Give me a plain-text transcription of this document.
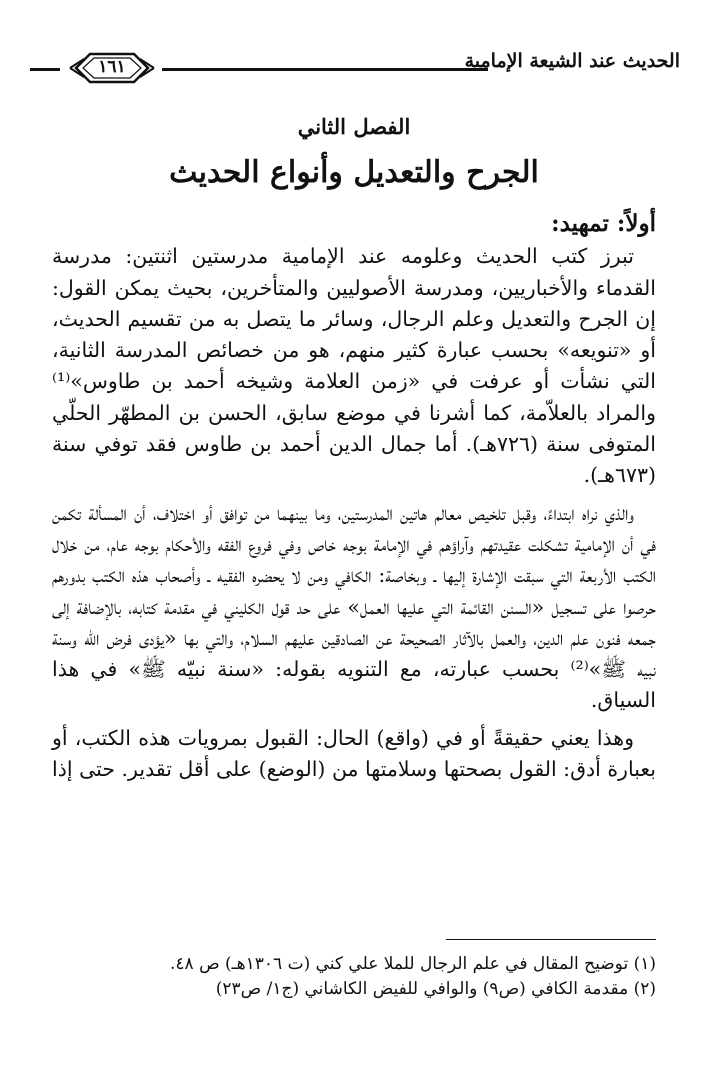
الحديث عند الشيعة الإمامية
١٦١
الفصل الثاني
الجرح والتعديل وأنواع الحديث
أولاً: تمهيد:

تبرز كتب الحديث وعلومه عند الإمامية مدرستين اثنتين: مدرسة القدماء والأخباريين، ومدرسة الأصوليين والمتأخرين، بحيث يمكن القول: إن الجرح والتعديل وعلم الرجال، وسائر ما يتصل به من تقسيم الحديث، أو «تنويعه» بحسب عبارة كثير منهم، هو من خصائص المدرسة الثانية، التي نشأت أو عرفت في «زمن العلامة وشيخه أحمد بن طاوس»⁽¹⁾ والمراد بالعلاّمة، كما أشرنا في موضع سابق، الحسن بن المطهّر الحلّي المتوفى سنة (٧٢٦هـ). أما جمال الدين أحمد بن طاوس فقد توفي سنة (٦٧٣هـ).

والذي نراه ابتداءً، وقبل تلخيص معالم هاتين المدرستين، وما بينهما من توافق أو اختلاف، أن المسألة تكمن في أن الإمامية تشكلت عقيدتهم وآراؤهم في الإمامة بوجه خاص وفي فروع الفقه والأحكام بوجه عام، من خلال الكتب الأربعة التي سبقت الإشارة إليها ـ وبخاصة: الكافي ومن لا يحضره الفقيه ـ وأصحاب هذه الكتب بدورهم حرصوا على تسجيل «السنن القائمة التي عليها العمل» على حد قول الكليني في مقدمة كتابه، بالإضافة إلى جمعه فنون علم الدين، والعمل بالآثار الصحيحة عن الصادقين عليهم السلام، والتي بها «يؤدى فرض الله وسنة نبيه ﷺ»⁽²⁾ بحسب عبارته، مع التنويه بقوله: «سنة نبيّه ﷺ» في هذا السياق.

وهذا يعني حقيقةً أو في (واقع) الحال: القبول بمرويات هذه الكتب، أو بعبارة أدق: القول بصحتها وسلامتها من (الوضع) على أقل تقدير. حتى إذا

(١) توضيح المقال في علم الرجال للملا علي كني (ت ١٣٠٦هـ) ص ٤٨.

(٢) مقدمة الكافي (ص٩) والوافي للفيض الكاشاني (ج١/ ص٢٣)
